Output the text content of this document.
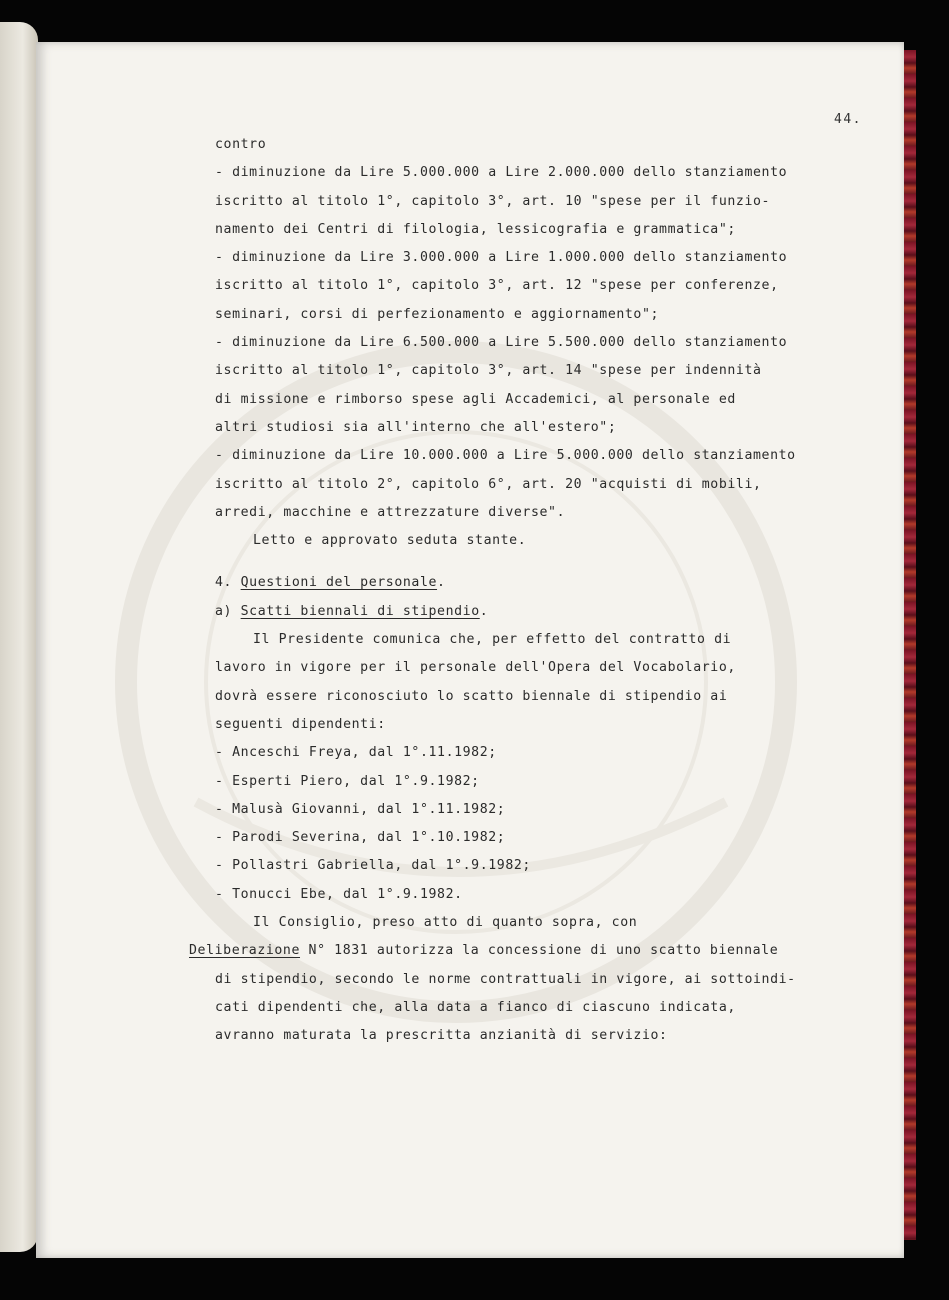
44.
contro
- diminuzione da Lire 5.000.000 a Lire 2.000.000 dello stanziamento
iscritto al titolo 1°, capitolo 3°, art. 10 "spese per il funzio-
namento dei Centri di filologia, lessicografia e grammatica";
- diminuzione da Lire 3.000.000 a Lire 1.000.000 dello stanziamento
iscritto al titolo 1°, capitolo 3°, art. 12 "spese per conferenze,
seminari, corsi di perfezionamento e aggiornamento";
- diminuzione da Lire 6.500.000 a Lire 5.500.000 dello stanziamento
iscritto al titolo 1°, capitolo 3°, art. 14 "spese per indennità
di missione e rimborso spese agli Accademici, al personale ed
altri studiosi sia all'interno che all'estero";
- diminuzione da Lire 10.000.000 a Lire 5.000.000 dello stanziamento
iscritto al titolo 2°, capitolo 6°, art. 20 "acquisti di mobili,
arredi, macchine e attrezzature diverse".
Letto e approvato seduta stante.
4. Questioni del personale.
a) Scatti biennali di stipendio.
Il Presidente comunica che, per effetto del contratto di
lavoro in vigore per il personale dell'Opera del Vocabolario,
dovrà essere riconosciuto lo scatto biennale di stipendio ai
seguenti dipendenti:
- Anceschi Freya, dal 1°.11.1982;
- Esperti Piero, dal 1°.9.1982;
- Malusà Giovanni, dal 1°.11.1982;
- Parodi Severina, dal 1°.10.1982;
- Pollastri Gabriella, dal 1°.9.1982;
- Tonucci Ebe, dal 1°.9.1982.
Il Consiglio, preso atto di quanto sopra, con
Deliberazione N° 1831 autorizza la concessione di uno scatto biennale
di stipendio, secondo le norme contrattuali in vigore, ai sottoindi-
cati dipendenti che, alla data a fianco di ciascuno indicata,
avranno maturata la prescritta anzianità di servizio:
